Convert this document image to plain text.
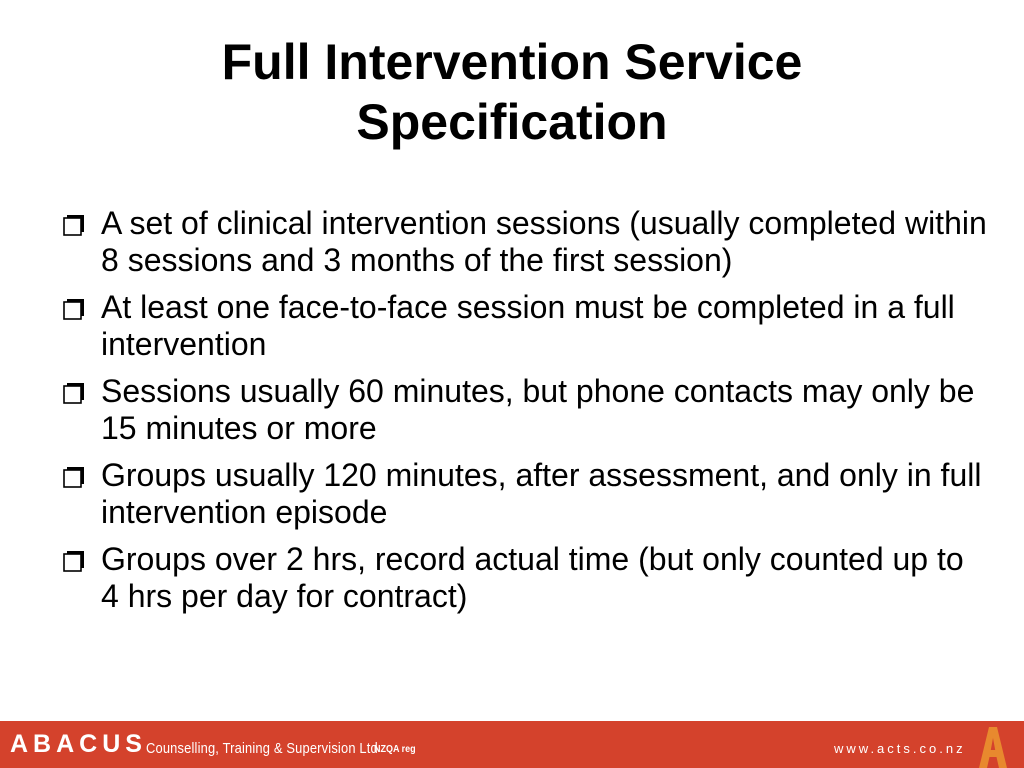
Full Intervention Service
Specification
A set of clinical intervention sessions (usually completed within 8 sessions and 3 months of the first session)
At least one face-to-face session must be completed in a full intervention
Sessions usually 60 minutes, but phone contacts may only be 15 minutes or more
Groups usually 120 minutes, after assessment, and only in full intervention episode
Groups over 2 hrs, record actual time (but only counted up to 4 hrs per day for contract)
ABACUS Counselling, Training & Supervision Ltd
NZQA reg	www.acts.co.nz
